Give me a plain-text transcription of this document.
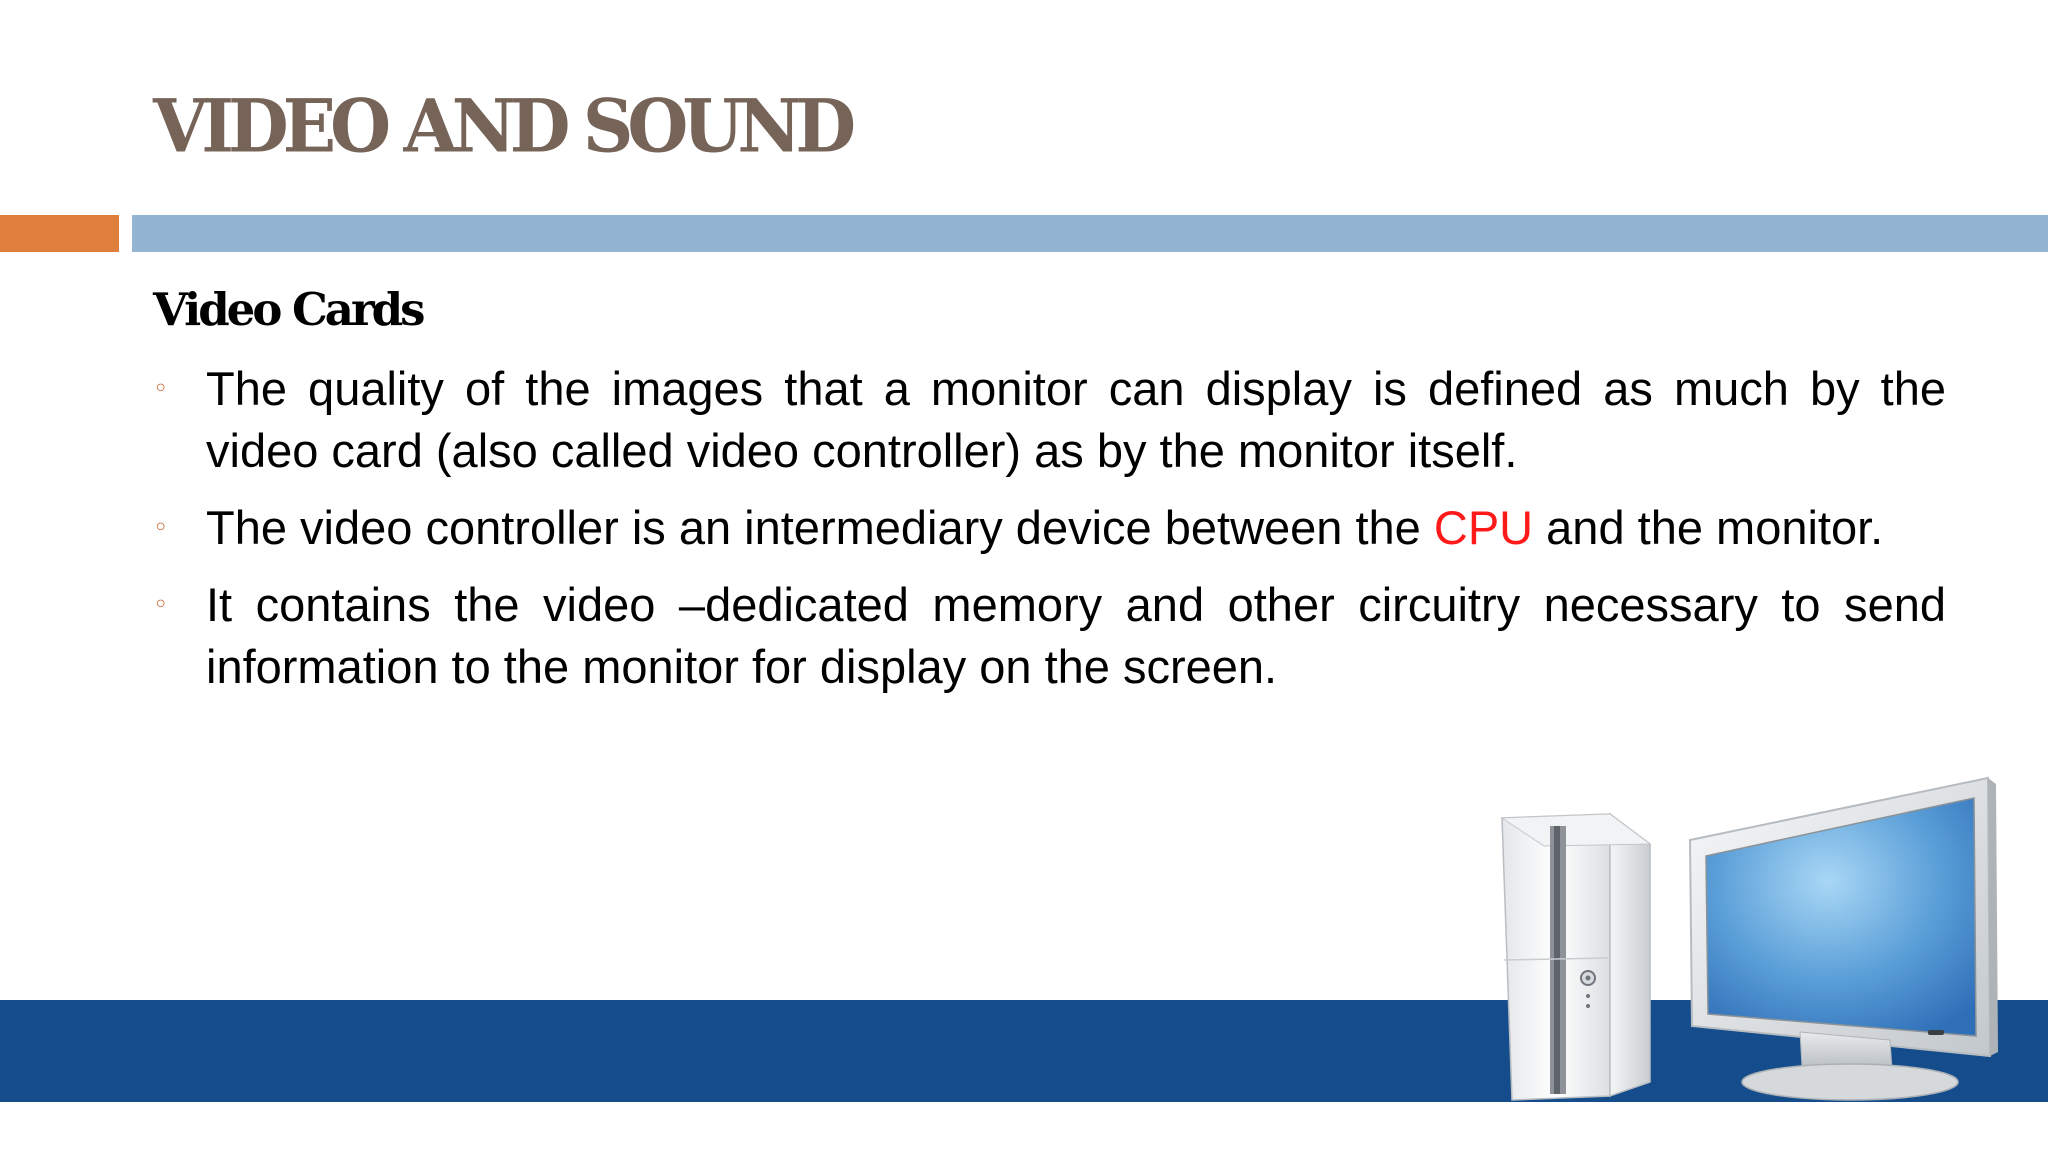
VIDEO AND SOUND
Video Cards
◦ The quality of the images that a monitor can display is defined as much by the video card (also called video controller) as by the monitor itself.
◦ The video controller is an intermediary device between the CPU and the monitor.
◦ It contains the video –dedicated memory and other circuitry necessary to send information to the monitor for display on the screen.
